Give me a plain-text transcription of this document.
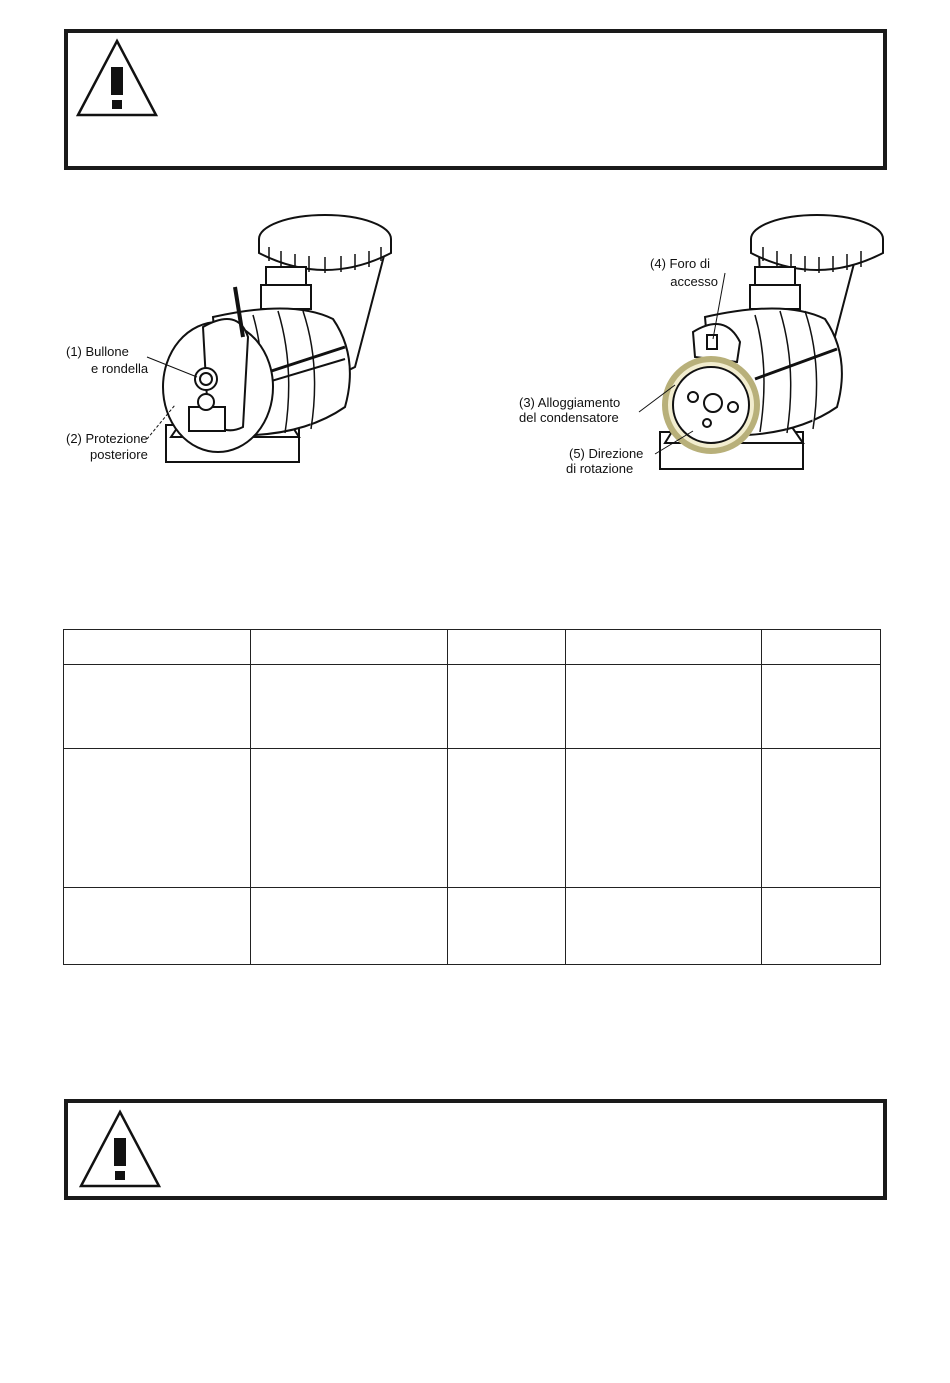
(1) Bullone
e rondella
(2) Protezione
posteriore
(4) Foro di
accesso
(3) Alloggiamento
del condensatore
(5) Direzione
di rotazione
